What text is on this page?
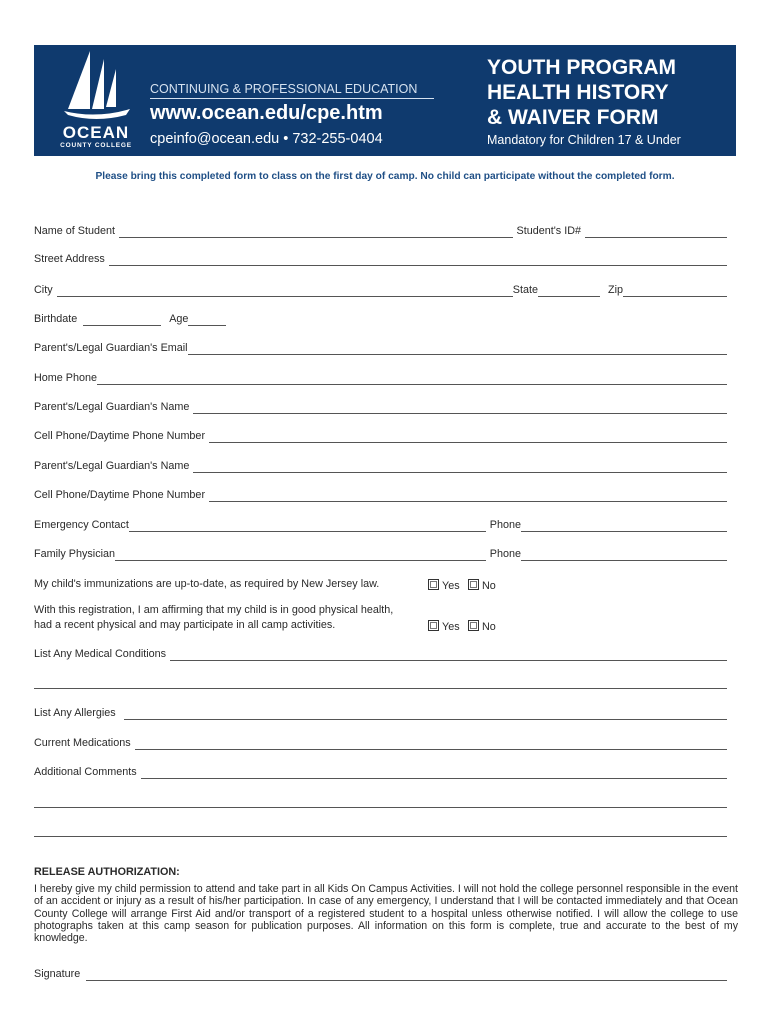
OCEAN
COUNTY COLLEGE
CONTINUING & PROFESSIONAL EDUCATION
www.ocean.edu/cpe.htm
cpeinfo@ocean.edu • 732-255-0404
YOUTH PROGRAM
HEALTH HISTORY
& WAIVER FORM
Mandatory for Children 17 & Under
Please bring this completed form to class on the first day of camp. No child can participate without the completed form.
Name of Student	Student's ID#
Street Address
City	State	Zip
Birthdate	Age
Parent's/Legal Guardian's Email
Home Phone
Parent's/Legal Guardian's Name
Cell Phone/Daytime Phone Number
Parent's/Legal Guardian's Name
Cell Phone/Daytime Phone Number
Emergency Contact	Phone
Family Physician	Phone
My child's immunizations are up-to-date, as required by New Jersey law.	Yes	No
With this registration, I am affirming that my child is in good physical health,
had a recent physical and may participate in all camp activities.	Yes	No
List Any Medical Conditions
List Any Allergies
Current Medications
Additional Comments
RELEASE AUTHORIZATION:
I hereby give my child permission to attend and take part in all Kids On Campus Activities. I will not hold the college personnel responsible in the event of an accident or injury as a result of his/her participation. In case of any emergency, I understand that I will be contacted immediately and that Ocean County College will arrange First Aid and/or transport of a registered student to a hospital unless otherwise notified. I will allow the college to use photographs taken at this camp season for publication purposes. All information on this form is complete, true and accurate to the best of my knowledge.
Signature
